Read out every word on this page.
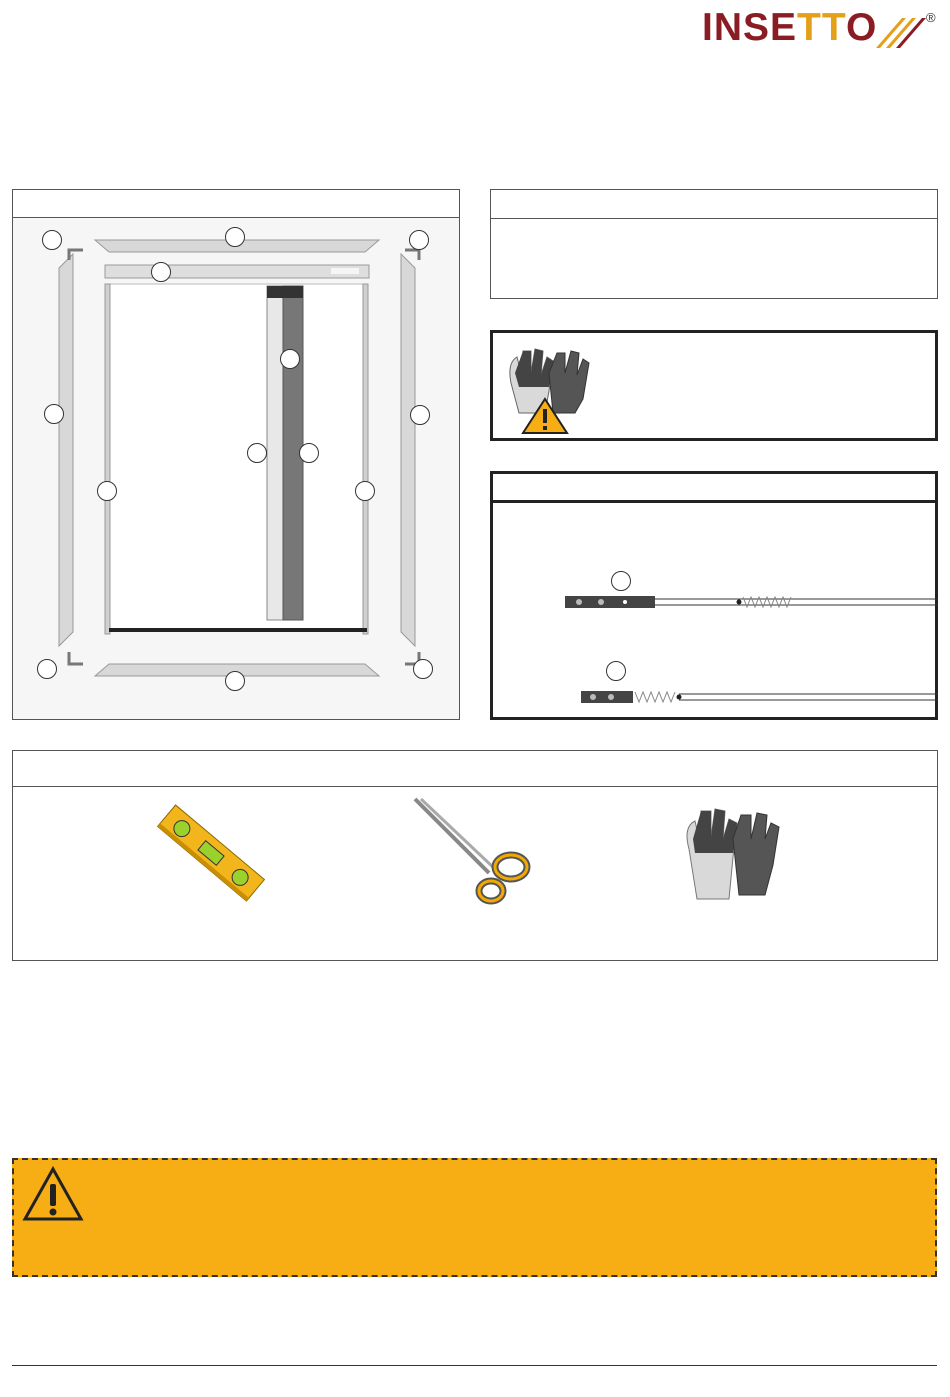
INSETTO	®
